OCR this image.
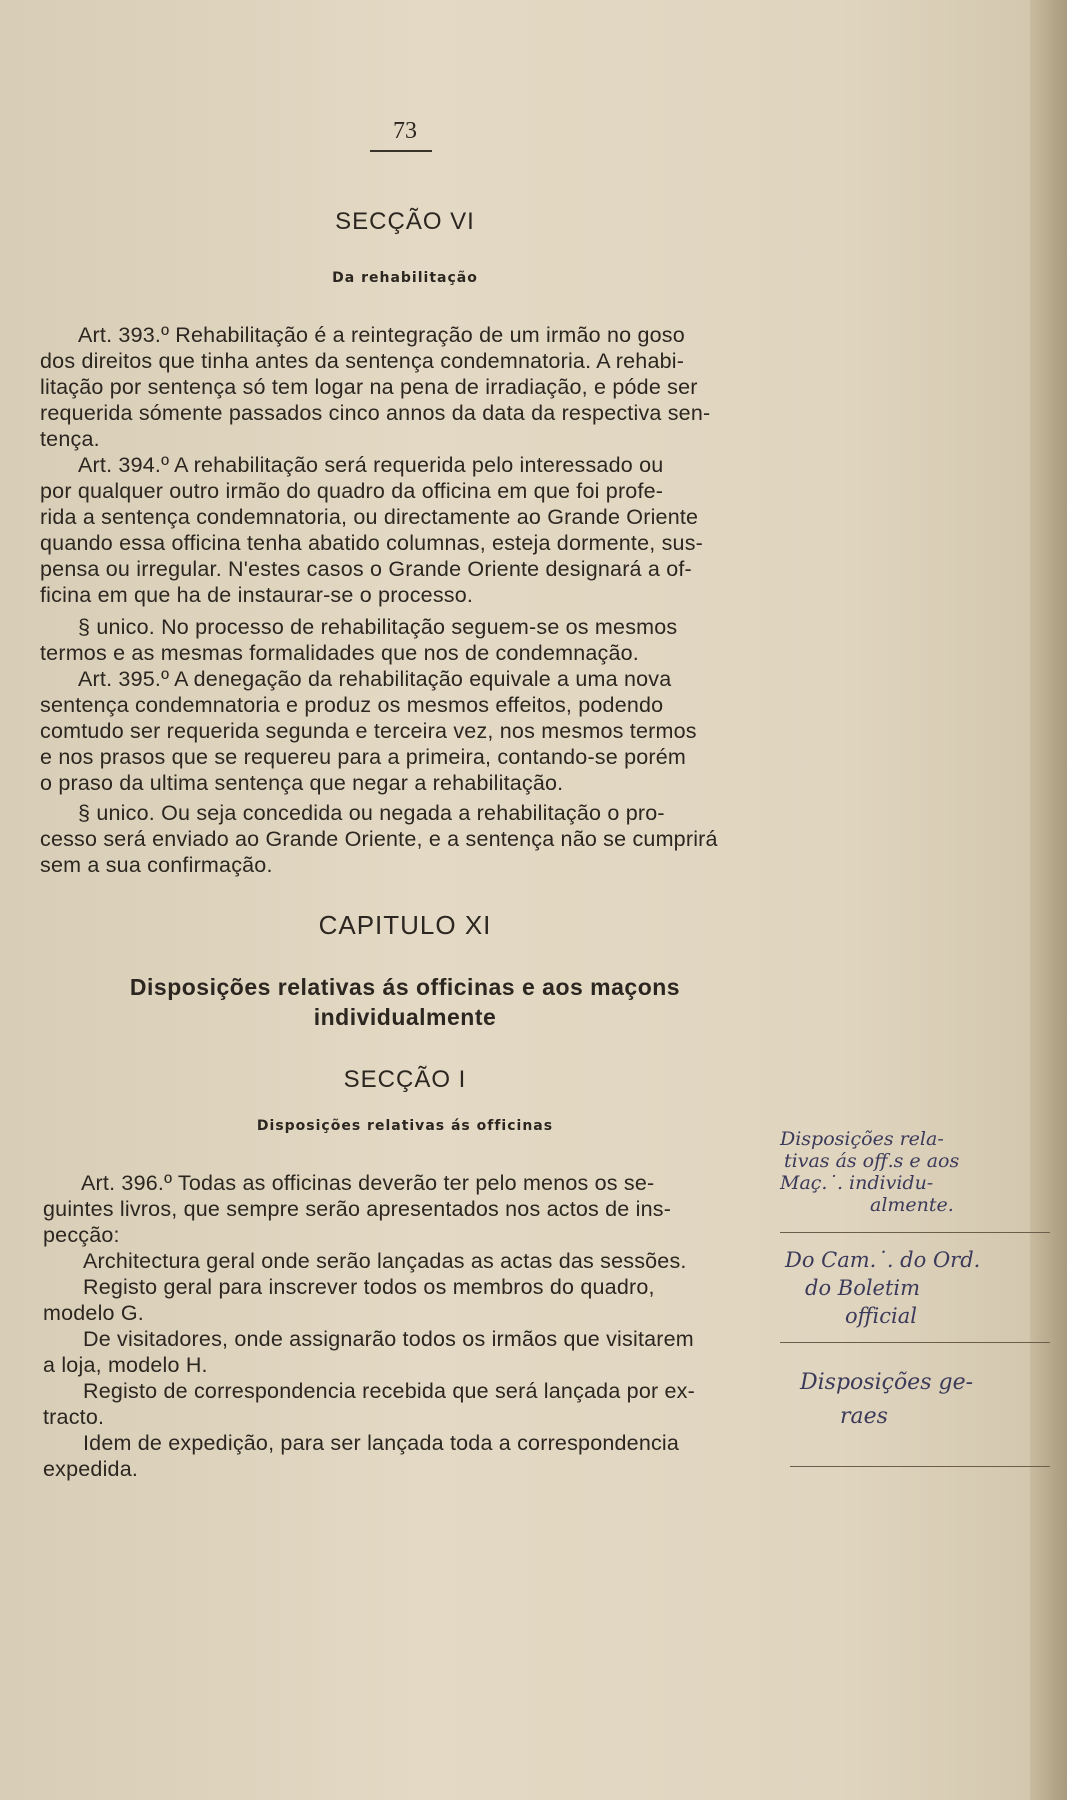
73
SECÇÃO VI
Da rehabilitação
Art. 393.º Rehabilitação é a reintegração de um irmão no goso
dos direitos que tinha antes da sentença condemnatoria. A rehabi-
litação por sentença só tem logar na pena de irradiação, e póde ser
requerida sómente passados cinco annos da data da respectiva sen-
tença.
Art. 394.º A rehabilitação será requerida pelo interessado ou
por qualquer outro irmão do quadro da officina em que foi profe-
rida a sentença condemnatoria, ou directamente ao Grande Oriente
quando essa officina tenha abatido columnas, esteja dormente, sus-
pensa ou irregular. N'estes casos o Grande Oriente designará a of-
ficina em que ha de instaurar-se o processo.
§ unico. No processo de rehabilitação seguem-se os mesmos
termos e as mesmas formalidades que nos de condemnação.
Art. 395.º A denegação da rehabilitação equivale a uma nova
sentença condemnatoria e produz os mesmos effeitos, podendo
comtudo ser requerida segunda e terceira vez, nos mesmos termos
e nos prasos que se requereu para a primeira, contando-se porém
o praso da ultima sentença que negar a rehabilitação.
§ unico. Ou seja concedida ou negada a rehabilitação o pro-
cesso será enviado ao Grande Oriente, e a sentença não se cumprirá
sem a sua confirmação.
CAPITULO XI
Disposições relativas ás officinas e aos maçons
individualmente
SECÇÃO I
Disposições relativas ás officinas
Art. 396.º Todas as officinas deverão ter pelo menos os se-
guintes livros, que sempre serão apresentados nos actos de ins-
pecção:
Architectura geral onde serão lançadas as actas das sessões.
Registo geral para inscrever todos os membros do quadro,
modelo G.
De visitadores, onde assignarão todos os irmãos que visitarem
a loja, modelo H.
Registo de correspondencia recebida que será lançada por ex-
tracto.
Idem de expedição, para ser lançada toda a correspondencia
expedida.
Disposições rela-
tivas ás off.s e aos
Maç.˙. individu-
almente.
Do Cam.˙. do Ord.
do Boletim
official
Disposições ge-
raes
